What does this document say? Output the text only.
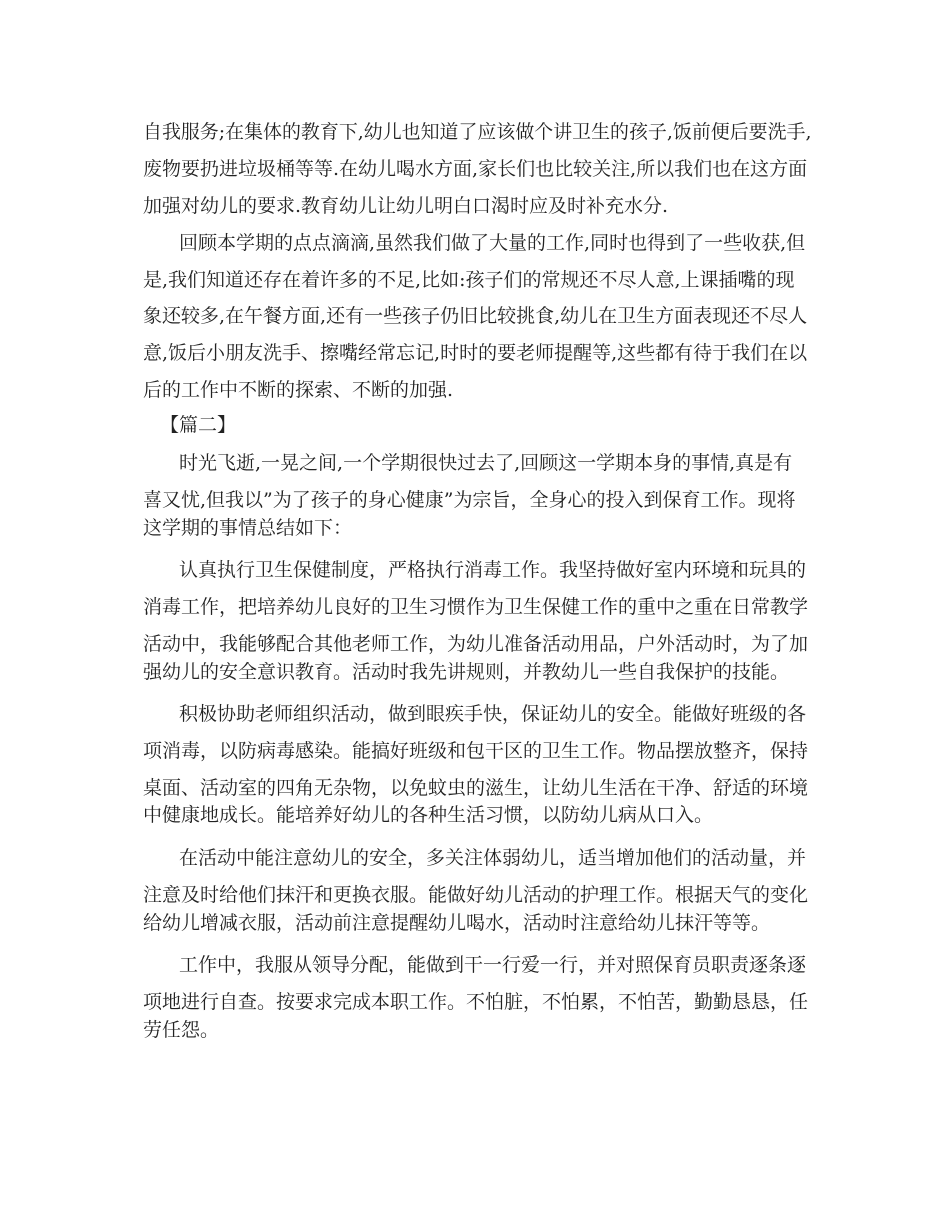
自我服务;在集体的教育下,幼儿也知道了应该做个讲卫生的孩子,饭前便后要洗手,

废物要扔进垃圾桶等等.在幼儿喝水方面,家长们也比较关注,所以我们也在这方面

加强对幼儿的要求.教育幼儿让幼儿明白口渴时应及时补充水分.

回顾本学期的点点滴滴,虽然我们做了大量的工作,同时也得到了一些收获,但

是,我们知道还存在着许多的不足,比如:孩子们的常规还不尽人意,上课插嘴的现

象还较多,在午餐方面,还有一些孩子仍旧比较挑食,幼儿在卫生方面表现还不尽人

意,饭后小朋友洗手、擦嘴经常忘记,时时的要老师提醒等,这些都有待于我们在以

后的工作中不断的探索、不断的加强.

【篇二】

时光飞逝,一晃之间,一个学期很快过去了,回顾这一学期本身的事情,真是有

喜又忧,但我以”为了孩子的身心健康”为宗旨，全身心的投入到保育工作。现将

这学期的事情总结如下：

认真执行卫生保健制度，严格执行消毒工作。我坚持做好室内环境和玩具的

消毒工作，把培养幼儿良好的卫生习惯作为卫生保健工作的重中之重在日常教学

活动中，我能够配合其他老师工作，为幼儿准备活动用品，户外活动时，为了加

强幼儿的安全意识教育。活动时我先讲规则，并教幼儿一些自我保护的技能。

积极协助老师组织活动，做到眼疾手快，保证幼儿的安全。能做好班级的各

项消毒，以防病毒感染。能搞好班级和包干区的卫生工作。物品摆放整齐，保持

桌面、活动室的四角无杂物，以免蚊虫的滋生，让幼儿生活在干净、舒适的环境

中健康地成长。能培养好幼儿的各种生活习惯，以防幼儿病从口入。

在活动中能注意幼儿的安全，多关注体弱幼儿，适当增加他们的活动量，并

注意及时给他们抹汗和更换衣服。能做好幼儿活动的护理工作。根据天气的变化

给幼儿增减衣服，活动前注意提醒幼儿喝水，活动时注意给幼儿抹汗等等。

工作中，我服从领导分配，能做到干一行爱一行，并对照保育员职责逐条逐

项地进行自查。按要求完成本职工作。不怕脏，不怕累，不怕苦，勤勤恳恳，任

劳任怨。
